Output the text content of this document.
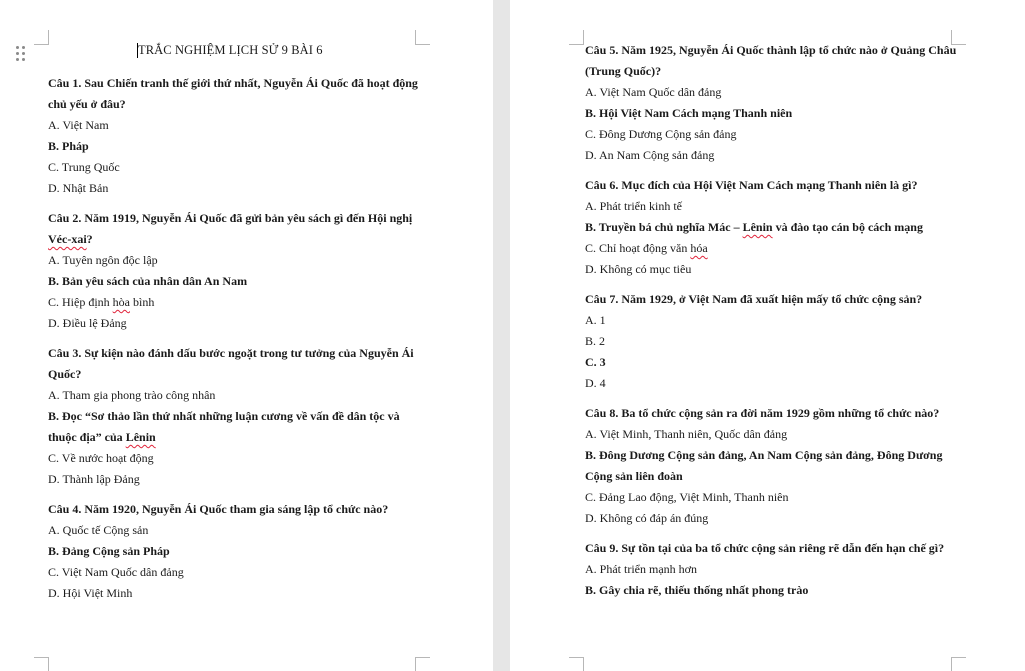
TRẮC NGHIỆM LỊCH SỬ 9 BÀI 6
Câu 1. Sau Chiến tranh thế giới thứ nhất, Nguyễn Ái Quốc đã hoạt động chủ yếu ở đâu?
A. Việt Nam
B. Pháp
C. Trung Quốc
D. Nhật Bản
Câu 2. Năm 1919, Nguyễn Ái Quốc đã gửi bản yêu sách gì đến Hội nghị Véc-xai?
A. Tuyên ngôn độc lập
B. Bản yêu sách của nhân dân An Nam
C. Hiệp định hòa bình
D. Điều lệ Đảng
Câu 3. Sự kiện nào đánh dấu bước ngoặt trong tư tưởng của Nguyễn Ái Quốc?
A. Tham gia phong trào công nhân
B. Đọc “Sơ thảo lần thứ nhất những luận cương về vấn đề dân tộc và thuộc địa” của Lênin
C. Về nước hoạt động
D. Thành lập Đảng
Câu 4. Năm 1920, Nguyễn Ái Quốc tham gia sáng lập tổ chức nào?
A. Quốc tế Cộng sản
B. Đảng Cộng sản Pháp
C. Việt Nam Quốc dân đảng
D. Hội Việt Minh
Câu 5. Năm 1925, Nguyễn Ái Quốc thành lập tổ chức nào ở Quảng Châu (Trung Quốc)?
A. Việt Nam Quốc dân đảng
B. Hội Việt Nam Cách mạng Thanh niên
C. Đông Dương Cộng sản đảng
D. An Nam Cộng sản đảng
Câu 6. Mục đích của Hội Việt Nam Cách mạng Thanh niên là gì?
A. Phát triển kinh tế
B. Truyền bá chủ nghĩa Mác – Lênin và đào tạo cán bộ cách mạng
C. Chỉ hoạt động văn hóa
D. Không có mục tiêu
Câu 7. Năm 1929, ở Việt Nam đã xuất hiện mấy tổ chức cộng sản?
A. 1
B. 2
C. 3
D. 4
Câu 8. Ba tổ chức cộng sản ra đời năm 1929 gồm những tổ chức nào?
A. Việt Minh, Thanh niên, Quốc dân đảng
B. Đông Dương Cộng sản đảng, An Nam Cộng sản đảng, Đông Dương Cộng sản liên đoàn
C. Đảng Lao động, Việt Minh, Thanh niên
D. Không có đáp án đúng
Câu 9. Sự tồn tại của ba tổ chức cộng sản riêng rẽ dẫn đến hạn chế gì?
A. Phát triển mạnh hơn
B. Gây chia rẽ, thiếu thống nhất phong trào
